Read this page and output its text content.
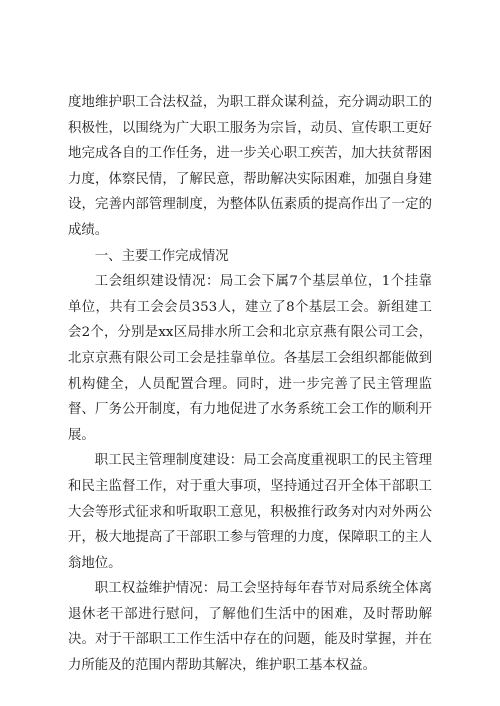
度地维护职工合法权益，为职工群众谋利益，充分调动职工的积极性，以围绕为广大职工服务为宗旨，动员、宣传职工更好地完成各自的工作任务，进一步关心职工疾苦，加大扶贫帮困力度，体察民情，了解民意，帮助解决实际困难，加强自身建设，完善内部管理制度，为整体队伍素质的提高作出了一定的成绩。

一、主要工作完成情况

工会组织建设情况：局工会下属7个基层单位，1个挂靠单位，共有工会会员353人，建立了8个基层工会。新组建工会2个，分别是xx区局排水所工会和北京京燕有限公司工会，北京京燕有限公司工会是挂靠单位。各基层工会组织都能做到机构健全，人员配置合理。同时，进一步完善了民主管理监督、厂务公开制度，有力地促进了水务系统工会工作的顺利开展。

职工民主管理制度建设：局工会高度重视职工的民主管理和民主监督工作，对于重大事项，坚持通过召开全体干部职工大会等形式征求和听取职工意见，积极推行政务对内对外两公开，极大地提高了干部职工参与管理的力度，保障职工的主人翁地位。

职工权益维护情况：局工会坚持每年春节对局系统全体离退休老干部进行慰问，了解他们生活中的困难，及时帮助解决。对于干部职工工作生活中存在的问题，能及时掌握，并在力所能及的范围内帮助其解决，维护职工基本权益。
